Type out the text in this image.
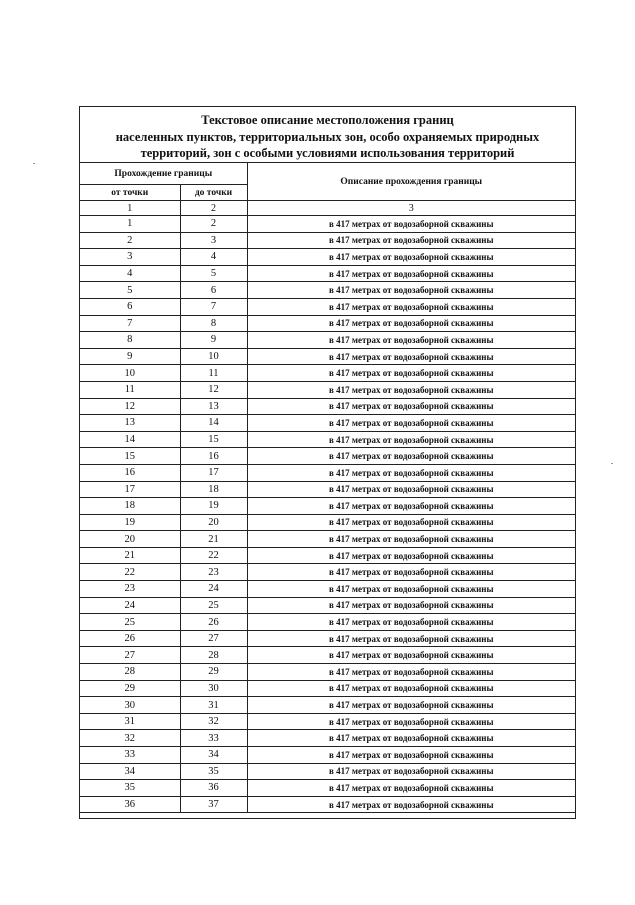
Текстовое описание местоположения границ
населенных пунктов, территориальных зон, особо охраняемых природных
территорий, зон с особыми условиями использования территорий
Прохождение границы		Описание прохождения границы
от точки	до точки	
1	2	3
1	2	в 417 метрах от водозаборной скважины
2	3	в 417 метрах от водозаборной скважины
3	4	в 417 метрах от водозаборной скважины
4	5	в 417 метрах от водозаборной скважины
5	6	в 417 метрах от водозаборной скважины
6	7	в 417 метрах от водозаборной скважины
7	8	в 417 метрах от водозаборной скважины
8	9	в 417 метрах от водозаборной скважины
9	10	в 417 метрах от водозаборной скважины
10	11	в 417 метрах от водозаборной скважины
11	12	в 417 метрах от водозаборной скважины
12	13	в 417 метрах от водозаборной скважины
13	14	в 417 метрах от водозаборной скважины
14	15	в 417 метрах от водозаборной скважины
15	16	в 417 метрах от водозаборной скважины
16	17	в 417 метрах от водозаборной скважины
17	18	в 417 метрах от водозаборной скважины
18	19	в 417 метрах от водозаборной скважины
19	20	в 417 метрах от водозаборной скважины
20	21	в 417 метрах от водозаборной скважины
21	22	в 417 метрах от водозаборной скважины
22	23	в 417 метрах от водозаборной скважины
23	24	в 417 метрах от водозаборной скважины
24	25	в 417 метрах от водозаборной скважины
25	26	в 417 метрах от водозаборной скважины
26	27	в 417 метрах от водозаборной скважины
27	28	в 417 метрах от водозаборной скважины
28	29	в 417 метрах от водозаборной скважины
29	30	в 417 метрах от водозаборной скважины
30	31	в 417 метрах от водозаборной скважины
31	32	в 417 метрах от водозаборной скважины
32	33	в 417 метрах от водозаборной скважины
33	34	в 417 метрах от водозаборной скважины
34	35	в 417 метрах от водозаборной скважины
35	36	в 417 метрах от водозаборной скважины
36	37	в 417 метрах от водозаборной скважины
